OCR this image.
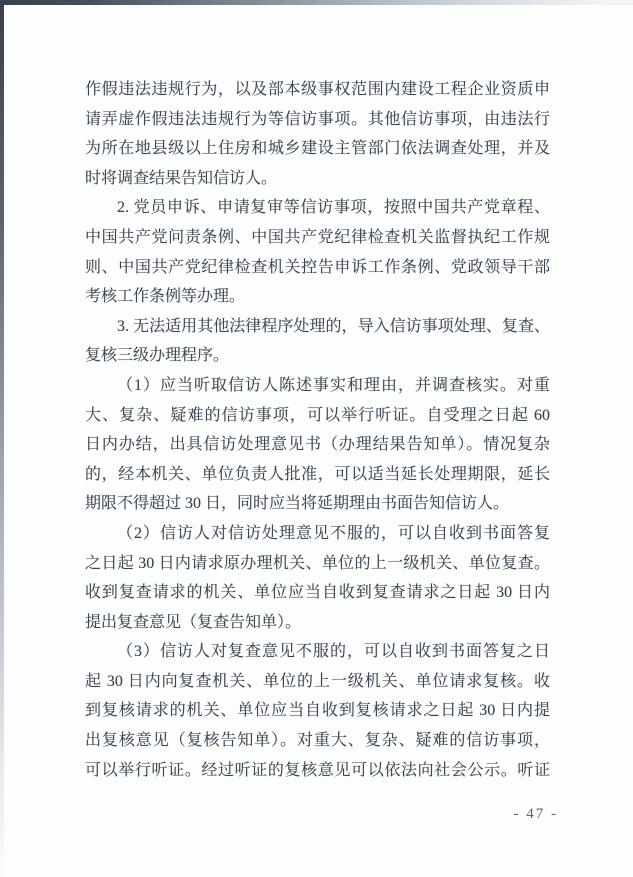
作假违法违规行为，以及部本级事权范围内建设工程企业资质申
请弄虚作假违法违规行为等信访事项。其他信访事项，由违法行
为所在地县级以上住房和城乡建设主管部门依法调查处理，并及
时将调查结果告知信访人。
2. 党员申诉、申请复审等信访事项，按照中国共产党章程、
中国共产党问责条例、中国共产党纪律检查机关监督执纪工作规
则、中国共产党纪律检查机关控告申诉工作条例、党政领导干部
考核工作条例等办理。
3. 无法适用其他法律程序处理的，导入信访事项处理、复查、
复核三级办理程序。
（1）应当听取信访人陈述事实和理由，并调查核实。对重
大、复杂、疑难的信访事项，可以举行听证。自受理之日起 60
日内办结，出具信访处理意见书（办理结果告知单）。情况复杂
的，经本机关、单位负责人批准，可以适当延长处理期限，延长
期限不得超过 30 日，同时应当将延期理由书面告知信访人。
（2）信访人对信访处理意见不服的，可以自收到书面答复
之日起 30 日内请求原办理机关、单位的上一级机关、单位复查。
收到复查请求的机关、单位应当自收到复查请求之日起 30 日内
提出复查意见（复查告知单）。
（3）信访人对复查意见不服的，可以自收到书面答复之日
起 30 日内向复查机关、单位的上一级机关、单位请求复核。收
到复核请求的机关、单位应当自收到复核请求之日起 30 日内提
出复核意见（复核告知单）。对重大、复杂、疑难的信访事项，
可以举行听证。经过听证的复核意见可以依法向社会公示。听证
- 47 -
